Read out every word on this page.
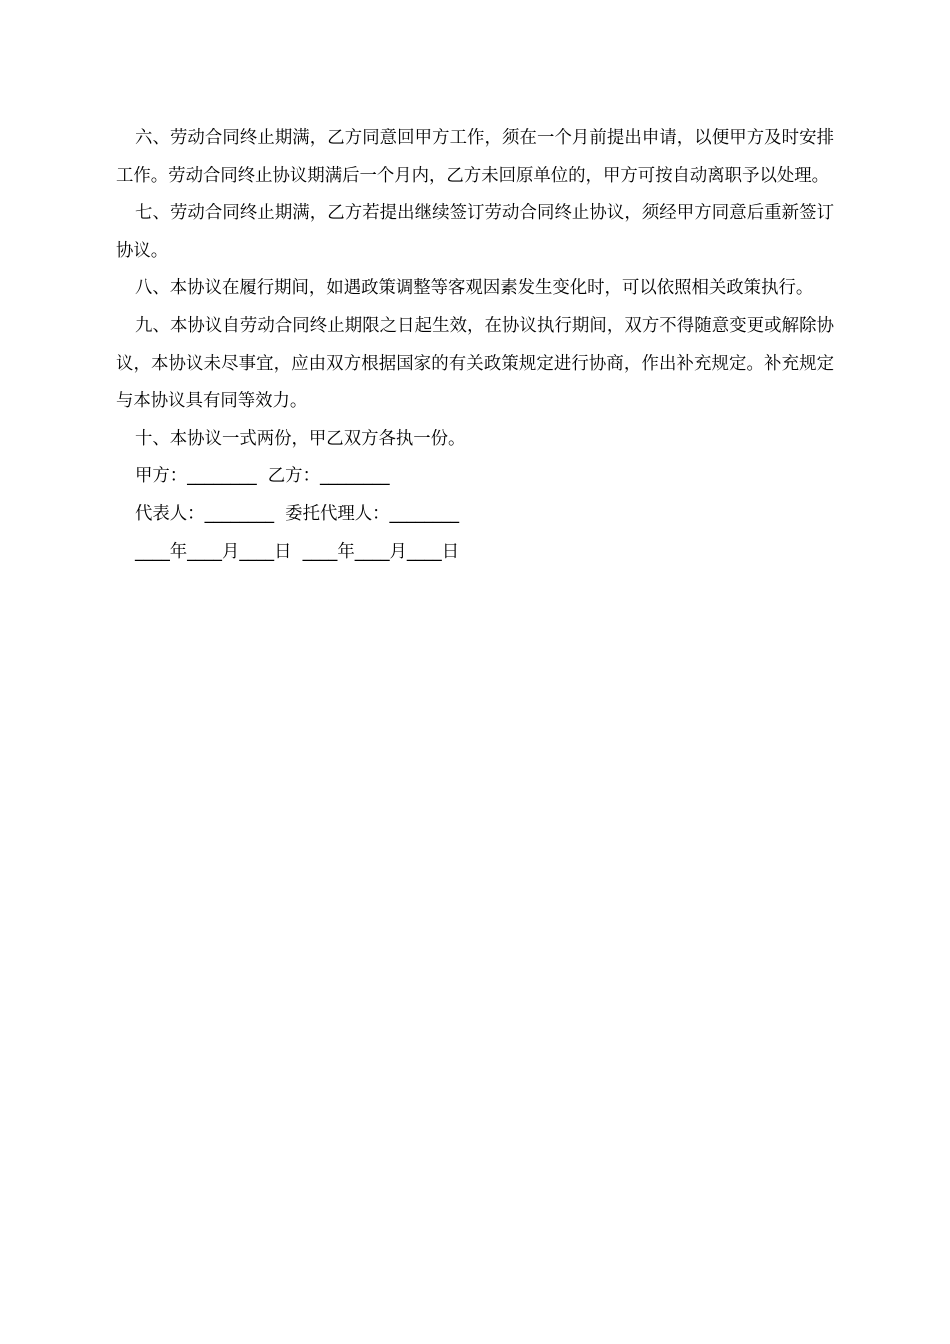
六、劳动合同终止期满，乙方同意回甲方工作，须在一个月前提出申请，以便甲方及时安排工作。劳动合同终止协议期满后一个月内，乙方未回原单位的，甲方可按自动离职予以处理。

七、劳动合同终止期满，乙方若提出继续签订劳动合同终止协议，须经甲方同意后重新签订协议。

八、本协议在履行期间，如遇政策调整等客观因素发生变化时，可以依照相关政策执行。

九、本协议自劳动合同终止期限之日起生效，在协议执行期间，双方不得随意变更或解除协议，本协议未尽事宜，应由双方根据国家的有关政策规定进行协商，作出补充规定。补充规定与本协议具有同等效力。

十、本协议一式两份，甲乙双方各执一份。

甲方：________  乙方：________
代表人：________  委托代理人：________
____年____月____日  ____年____月____日
